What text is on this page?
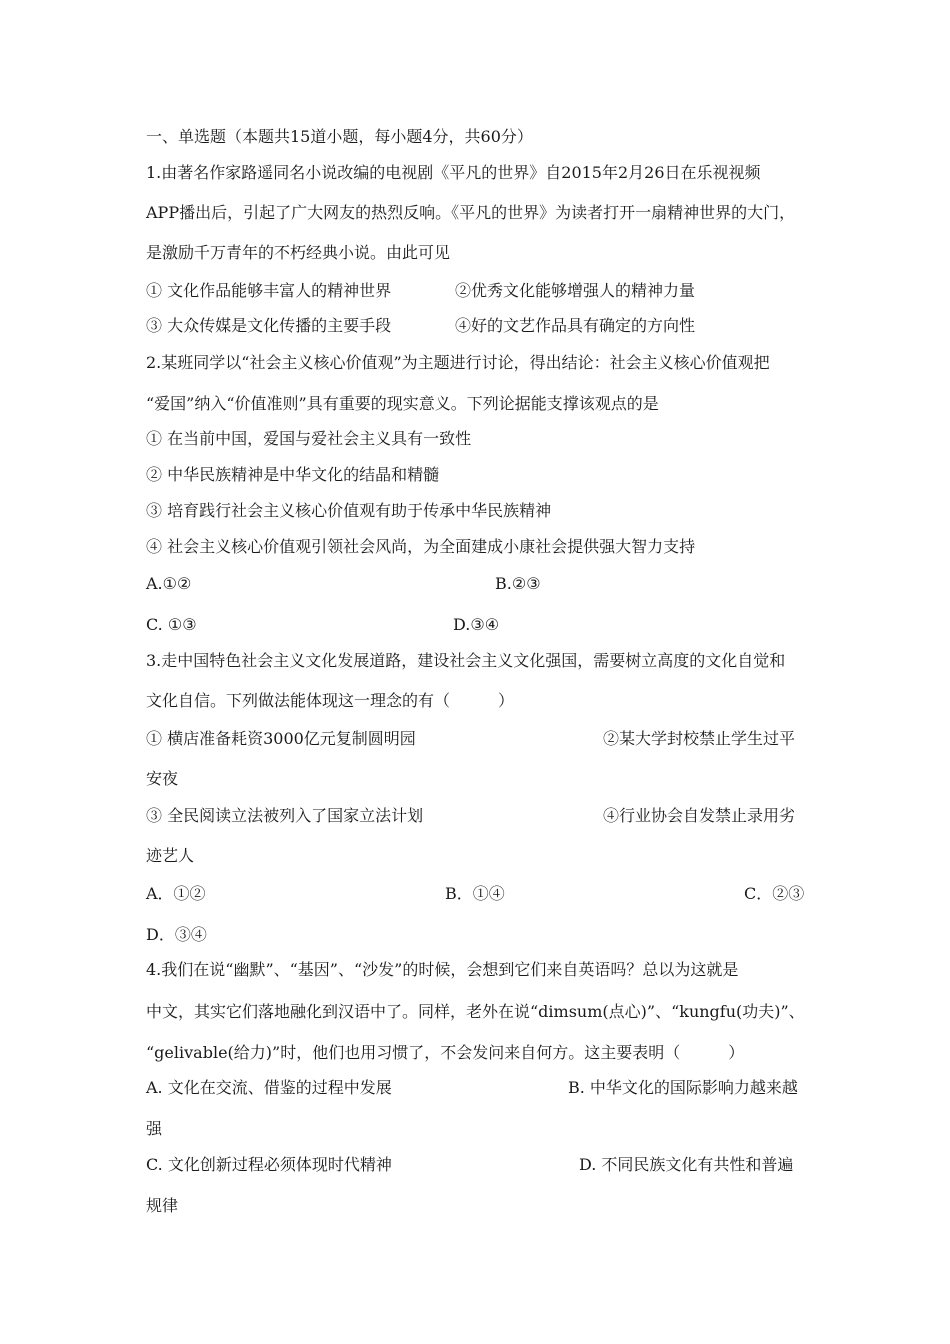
一、单选题（本题共15道小题，每小题4分，共60分）
1.由著名作家路遥同名小说改编的电视剧《平凡的世界》自2015年2月26日在乐视视频
APP播出后，引起了广大网友的热烈反响。《平凡的世界》为读者打开一扇精神世界的大门，
是激励千万青年的不朽经典小说。由此可见
① 文化作品能够丰富人的精神世界	②优秀文化能够增强人的精神力量
③ 大众传媒是文化传播的主要手段	④好的文艺作品具有确定的方向性
2.某班同学以“社会主义核心价值观”为主题进行讨论，得出结论：社会主义核心价值观把
“爱国”纳入“价值准则”具有重要的现实意义。下列论据能支撑该观点的是
① 在当前中国，爱国与爱社会主义具有一致性
② 中华民族精神是中华文化的结晶和精髓
③ 培育践行社会主义核心价值观有助于传承中华民族精神
④ 社会主义核心价值观引领社会风尚，为全面建成小康社会提供强大智力支持
A.①②	B.②③
C. ①③	D.③④
3.走中国特色社会主义文化发展道路，建设社会主义文化强国，需要树立高度的文化自觉和
文化自信。下列做法能体现这一理念的有（　　　）
① 横店准备耗资3000亿元复制圆明园	②某大学封校禁止学生过平
安夜
③ 全民阅读立法被列入了国家立法计划	④行业协会自发禁止录用劣
迹艺人
A．①②	B．①④	C．②③
D．③④
4.我们在说“幽默”、“基因”、“沙发”的时候，会想到它们来自英语吗？总以为这就是
中文，其实它们落地融化到汉语中了。同样，老外在说“dimsum(点心)”、“kungfu(功夫)”、
“gelivable(给力)”时，他们也用习惯了，不会发问来自何方。这主要表明（　　　）
A. 文化在交流、借鉴的过程中发展	B. 中华文化的国际影响力越来越
强
C. 文化创新过程必须体现时代精神	D. 不同民族文化有共性和普遍
规律
